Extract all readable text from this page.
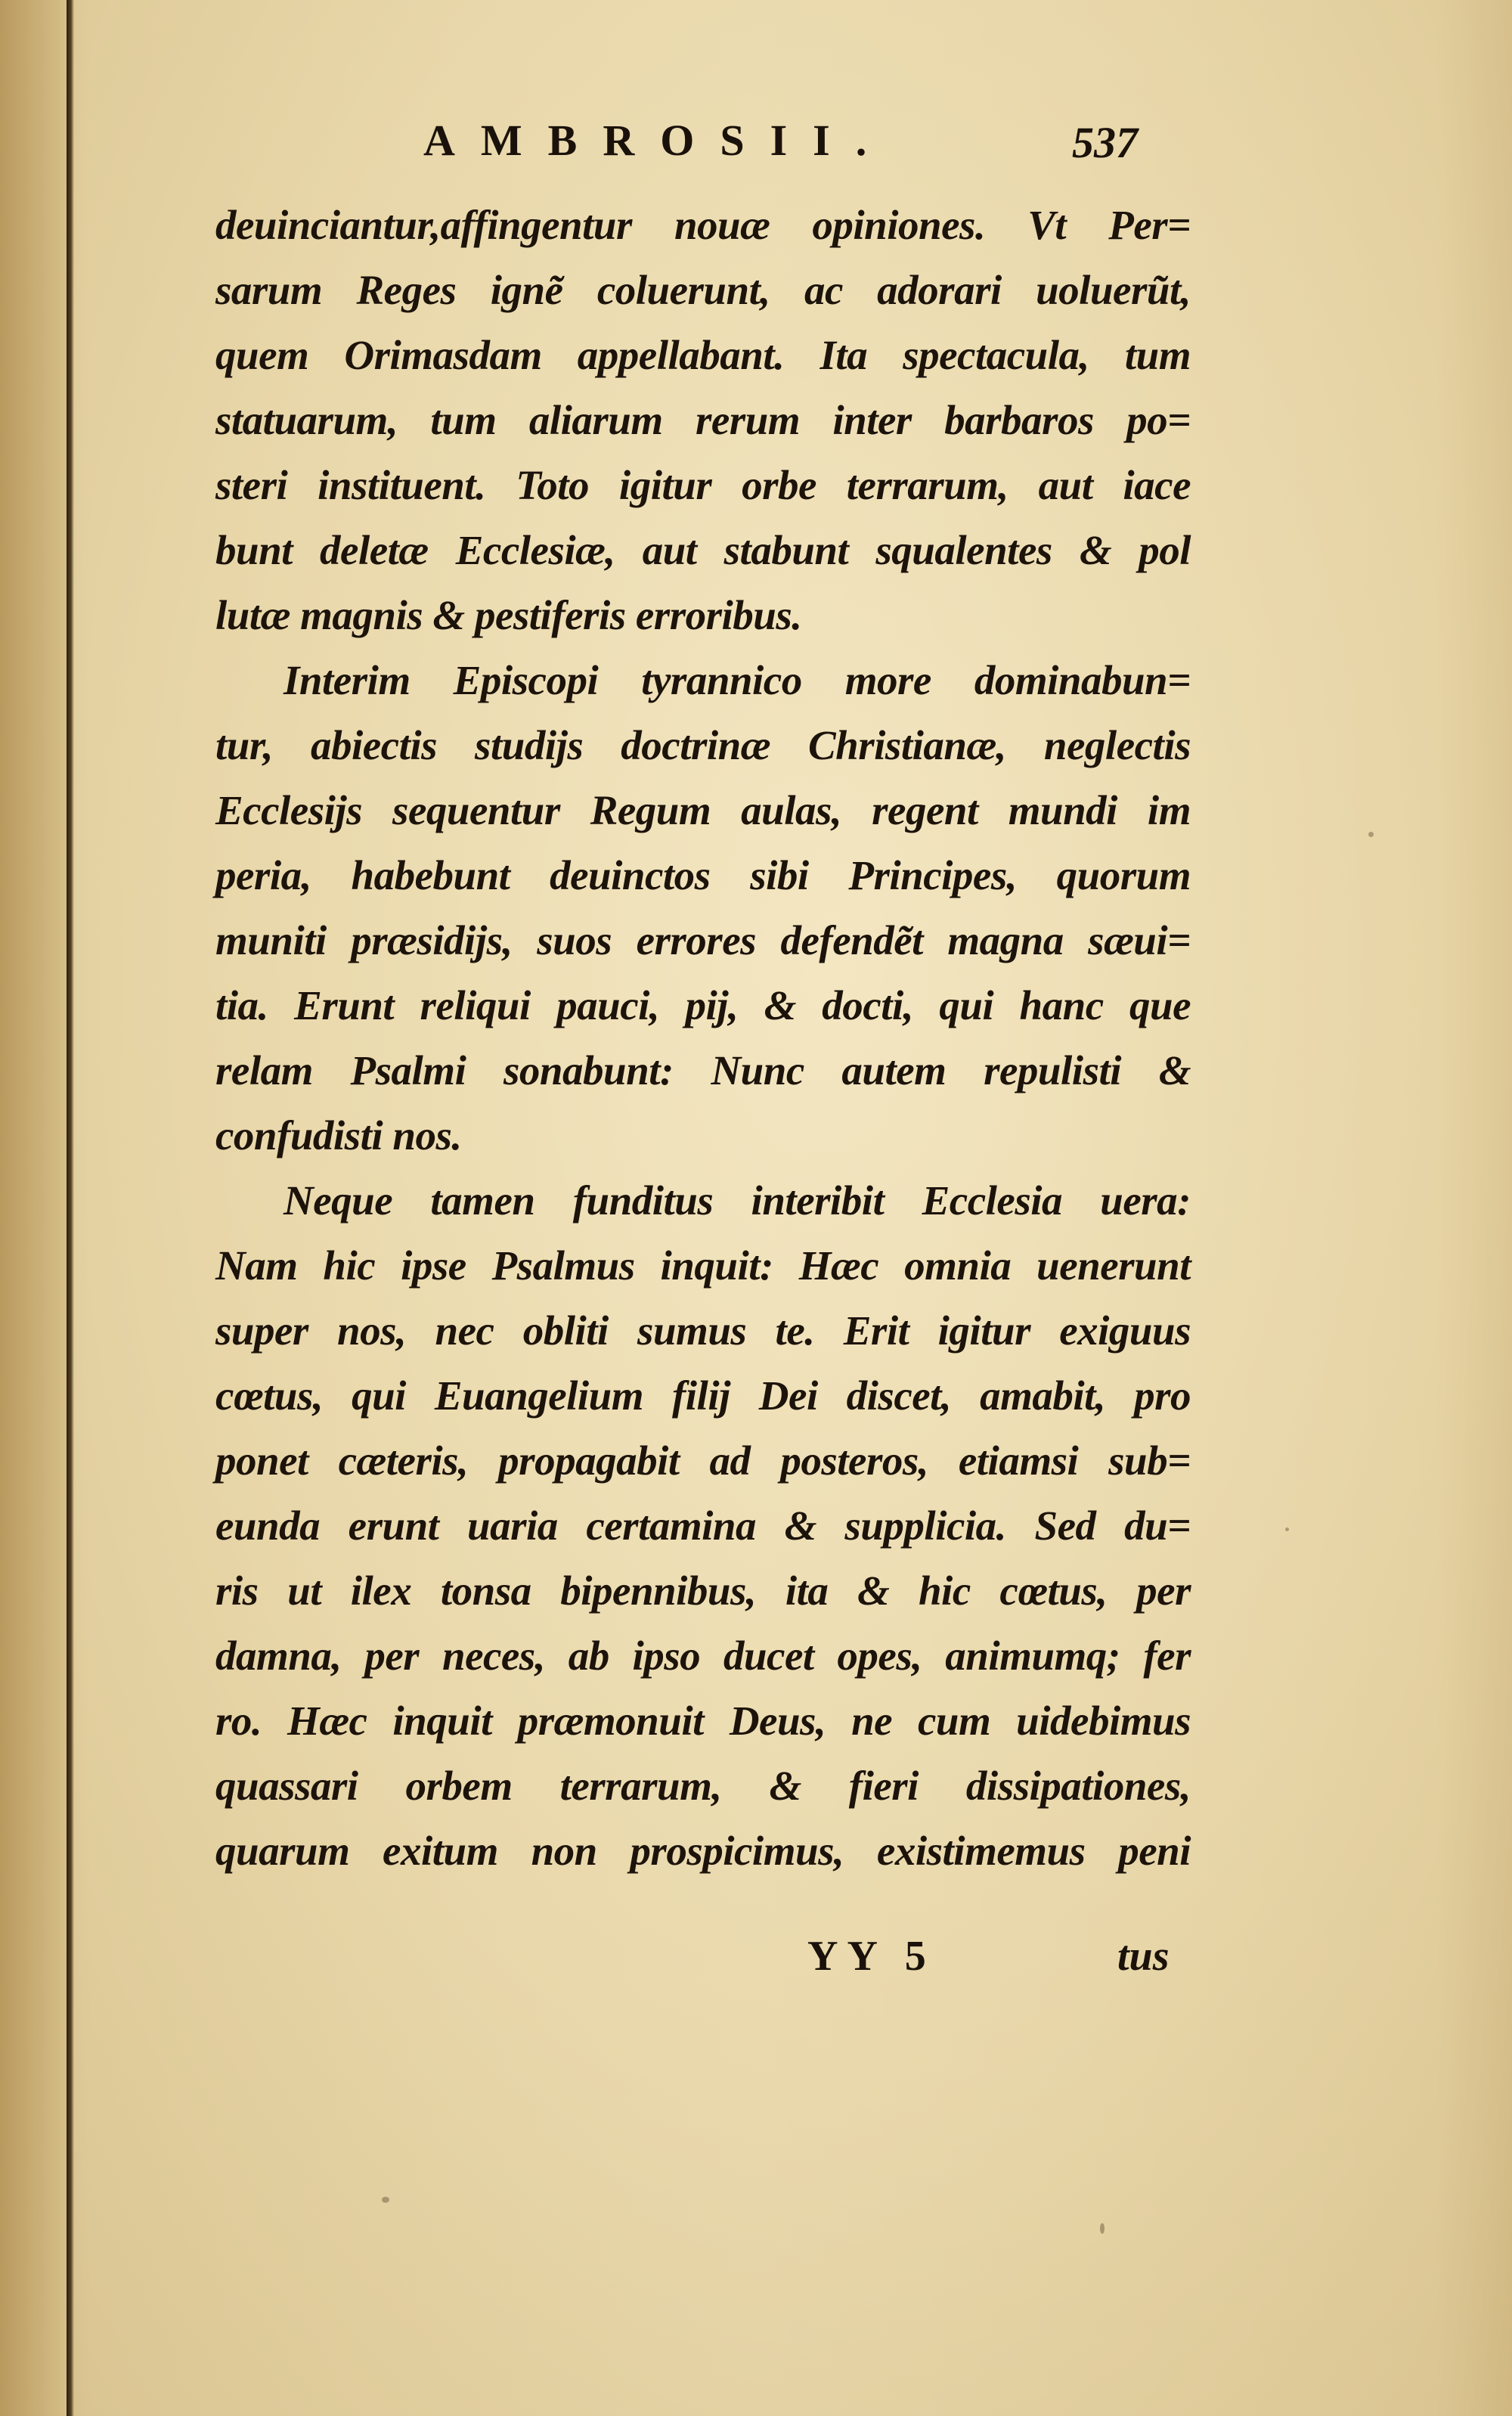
AMBROSII.	537
deuinciantur,affingentur nouæ opiniones. Vt Per=
sarum Reges ignẽ coluerunt, ac adorari uoluerũt,
quem Orimasdam appellabant. Ita spectacula, tum
statuarum, tum aliarum rerum inter barbaros po=
steri instituent. Toto igitur orbe terrarum, aut iace
bunt deletæ Ecclesiæ, aut stabunt squalentes & pol
lutæ magnis & pestiferis erroribus.
Interim Episcopi tyrannico more dominabun=
tur, abiectis studijs doctrinæ Christianæ, neglectis
Ecclesijs sequentur Regum aulas, regent mundi im
peria, habebunt deuinctos sibi Principes, quorum
muniti præsidijs, suos errores defendẽt magna sæui=
tia. Erunt reliqui pauci, pij, & docti, qui hanc que
relam Psalmi sonabunt: Nunc autem repulisti &
confudisti nos.
Neque tamen funditus interibit Ecclesia uera:
Nam hic ipse Psalmus inquit: Hæc omnia uenerunt
super nos, nec obliti sumus te. Erit igitur exiguus
cœtus, qui Euangelium filij Dei discet, amabit, pro
ponet cæteris, propagabit ad posteros, etiamsi sub=
eunda erunt uaria certamina & supplicia. Sed du=
ris ut ilex tonsa bipennibus, ita & hic cœtus, per
damna, per neces, ab ipso ducet opes, animumq; fer
ro. Hæc inquit præmonuit Deus, ne cum uidebimus
quassari orbem terrarum, & fieri dissipationes,
quarum exitum non prospicimus, existimemus peni
YY 5	tus
